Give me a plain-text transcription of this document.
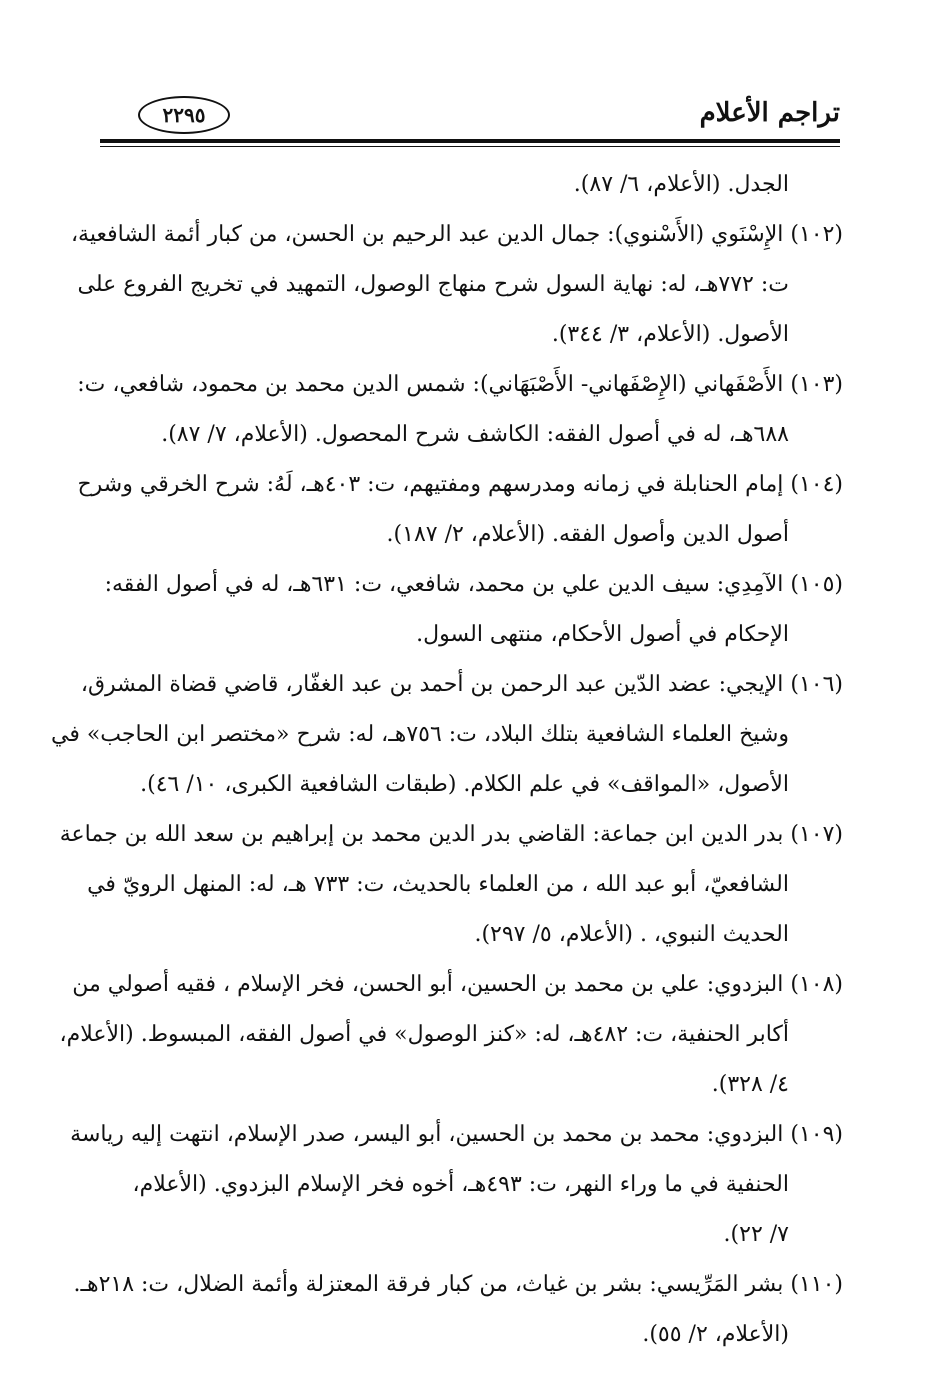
٢٢٩٥	تراجم الأعلام
الجدل. (الأعلام، ٦/ ٨٧).
(١٠٢) الإِسْنَوي (الأَسْنوي): جمال الدين عبد الرحيم بن الحسن، من كبار أئمة الشافعية،
ت: ٧٧٢هـ، له: نهاية السول شرح منهاج الوصول، التمهيد في تخريج الفروع على
الأصول. (الأعلام، ٣/ ٣٤٤).
(١٠٣) الأَصْفَهاني (الإِصْفَهاني- الأَصْبَهَاني): شمس الدين محمد بن محمود، شافعي، ت:
٦٨٨هـ، له في أصول الفقه: الكاشف شرح المحصول. (الأعلام، ٧/ ٨٧).
(١٠٤) إمام الحنابلة في زمانه ومدرسهم ومفتيهم، ت: ٤٠٣هـ، لَهُ: شرح الخرقي وشرح
أصول الدين وأصول الفقه. (الأعلام، ٢/ ١٨٧).
(١٠٥) الآمِدِي: سيف الدين علي بن محمد، شافعي، ت: ٦٣١هـ، له في أصول الفقه:
الإحكام في أصول الأحكام، منتهى السول.
(١٠٦) الإيجي: عضد الدّين عبد الرحمن بن أحمد بن عبد الغفّار، قاضي قضاة المشرق،
وشيخ العلماء الشافعية بتلك البلاد، ت: ٧٥٦هـ، له: شرح «مختصر ابن الحاجب» في
الأصول، «المواقف» في علم الكلام. (طبقات الشافعية الكبرى، ١٠/ ٤٦).
(١٠٧) بدر الدين ابن جماعة: القاضي بدر الدين محمد بن إبراهيم بن سعد الله بن جماعة
الشافعيّ، أبو عبد الله ، من العلماء بالحديث، ت: ٧٣٣ هـ، له: المنهل الرويّ في
الحديث النبوي، . (الأعلام، ٥/ ٢٩٧).
(١٠٨) البزدوي: علي بن محمد بن الحسين، أبو الحسن، فخر الإسلام ، فقيه أصولي من
أكابر الحنفية، ت: ٤٨٢هـ، له: «كنز الوصول» في أصول الفقه، المبسوط. (الأعلام،
٤/ ٣٢٨).
(١٠٩) البزدوي: محمد بن محمد بن الحسين، أبو اليسر، صدر الإسلام، انتهت إليه رياسة
الحنفية في ما وراء النهر، ت: ٤٩٣هـ، أخوه فخر الإسلام البزدوي. (الأعلام،
٧/ ٢٢).
(١١٠) بشر المَرِّيسي: بشر بن غياث، من كبار فرقة المعتزلة وأئمة الضلال، ت: ٢١٨هـ.
(الأعلام، ٢/ ٥٥).
